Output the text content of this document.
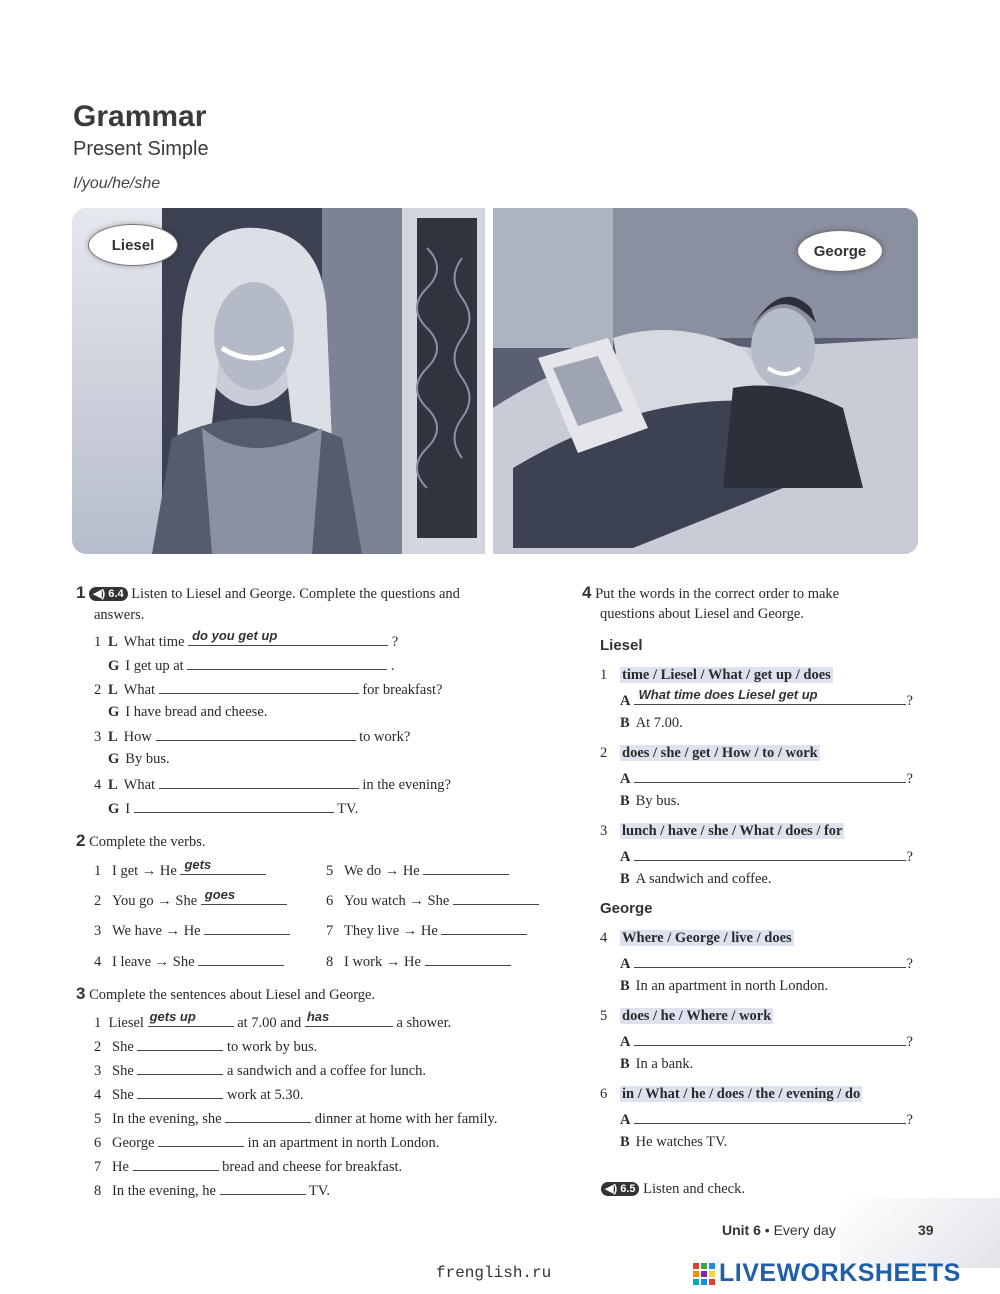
Grammar
Present Simple
I/you/he/she
Liesel	George
1 ◀) 6.4 Listen to Liesel and George. Complete the questions and
answers.
1 L What time do you get up	?
G I get up at	.
2 L What	for breakfast?
G I have bread and cheese.
3 L How	to work?
G By bus.
4 L What	in the evening?
G I	TV.
2 Complete the verbs.
1 I get → He gets
2 You go → She goes
3 We have → He
4 I leave → She
5 We do → He
6 You watch → She
7 They live → He
8 I work → He
3 Complete the sentences about Liesel and George.
1 Liesel gets up	at 7.00 and has	a shower.
2 She	to work by bus.
3 She	a sandwich and a coffee for lunch.
4 She	work at 5.30.
5 In the evening, she	dinner at home with her family.
6 George	in an apartment in north London.
7 He	bread and cheese for breakfast.
8 In the evening, he	TV.
4 Put the words in the correct order to make
questions about Liesel and George.
Liesel
George
1 time / Liesel / What / get up / does
A What time does Liesel get up	?
B At 7.00.
2 does / she / get / How / to / work
A	?
B By bus.
3 lunch / have / she / What / does / for
A	?
B A sandwich and coffee.
4 Where / George / live / does
A	?
B In an apartment in north London.
5 does / he / Where / work
A	?
B In a bank.
6 in / What / he / does / the / evening / do
A	?
B He watches TV.
◀) 6.5 Listen and check.
Unit 6 • Every day	39
frenglish.ru	LIVEWORKSHEETS
